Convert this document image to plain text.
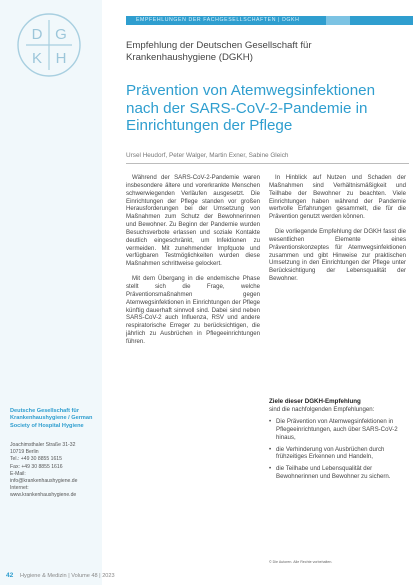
D G
K H
Deutsche Gesellschaft für Krankenhaushygiene / German Society of Hospital Hygiene
Joachimsthaler Straße 31-32
10719 Berlin
Tel.: +49 30 8855 1615
Fax: +49 30 8855 1616
E-Mail:
info@krankenhaushygiene.de
Internet:
www.krankenhaushygiene.de
EMPFEHLUNGEN DER FACHGESELLSCHAFTEN | DGKH
Empfehlung der Deutschen Gesellschaft für Krankenhaushygiene (DGKH)
Prävention von Atemwegsinfektionen nach der SARS-CoV-2-Pandemie in Einrichtungen der Pflege
Ursel Heudorf, Peter Walger, Martin Exner, Sabine Gleich

Während der SARS-CoV-2-Pandemie waren insbesondere ältere und vorerkrankte Menschen schwerwiegenden Verläufen ausgesetzt. Die Einrichtungen der Pflege standen vor großen Herausforderungen bei der Umsetzung von Maßnahmen zum Schutz der Bewohnerinnen und Bewohner. Zu Beginn der Pandemie wurden Besuchsverbote erlassen und soziale Kontakte deutlich eingeschränkt, um Infektionen zu vermeiden. Mit zunehmender Impfquote und verfügbaren Testmöglichkeiten wurden diese Maßnahmen schrittweise gelockert.

Mit dem Übergang in die endemische Phase stellt sich die Frage, welche Präventionsmaßnahmen gegen Atemwegsinfektionen in Einrichtungen der Pflege künftig dauerhaft sinnvoll sind. Dabei sind neben SARS-CoV-2 auch Influenza, RSV und andere respiratorische Erreger zu berücksichtigen, die jährlich zu Ausbrüchen in Pflegeeinrichtungen führen.

In Hinblick auf Nutzen und Schaden der Maßnahmen sind Verhältnismäßigkeit und Teilhabe der Bewohner zu beachten. Viele Einrichtungen haben während der Pandemie wertvolle Erfahrungen gesammelt, die für die Prävention genutzt werden können.

Die vorliegende Empfehlung der DGKH fasst die wesentlichen Elemente eines Präventionskonzeptes für Atemwegsinfektionen zusammen und gibt Hinweise zur praktischen Umsetzung in den Einrichtungen der Pflege unter Berücksichtigung der Lebensqualität der Bewohner.

Ziele dieser DGKH-Empfehlung
sind die nachfolgenden Empfehlungen:
• Die Prävention von Atemwegsinfektionen in Pflegeeinrichtungen, auch über SARS-CoV-2 hinaus,
• die Verhinderung von Ausbrüchen durch frühzeitiges Erkennen und Handeln,
• die Teilhabe und Lebensqualität der Bewohnerinnen und Bewohner zu sichern.
© Die Autoren. Alle Rechte vorbehalten.
42 Hygiene & Medizin | Volume 48 | 2023
